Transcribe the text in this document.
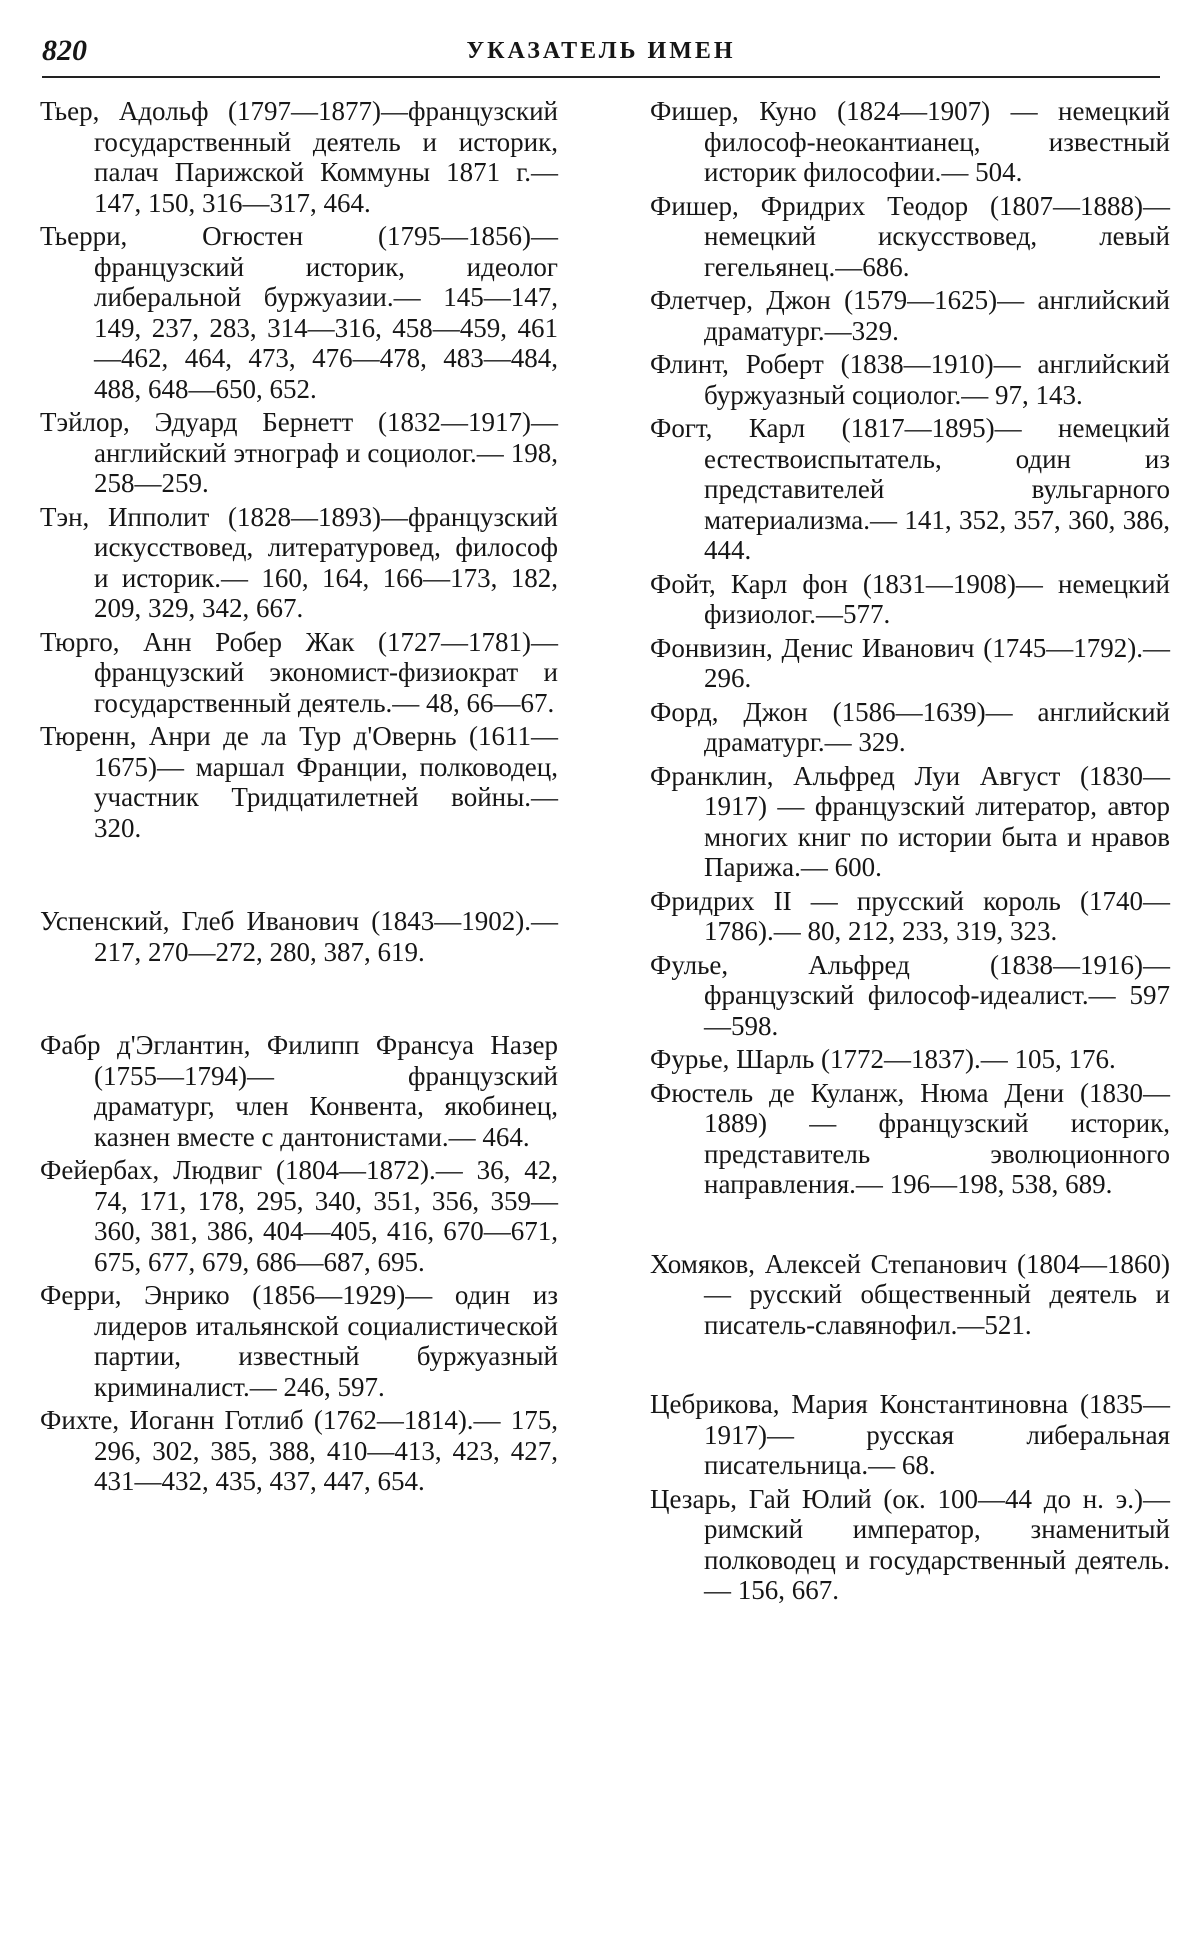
820	УКАЗАТЕЛЬ ИМЕН

Тьер, Адольф (1797—1877)—французский государственный деятель и историк, палач Парижской Коммуны 1871 г.— 147, 150, 316—317, 464.

Тьерри, Огюстен (1795—1856)— французский историк, идеолог либеральной буржуазии.— 145—147, 149, 237, 283, 314—316, 458—459, 461—462, 464, 473, 476—478, 483—484, 488, 648—650, 652.

Тэйлор, Эдуард Бернетт (1832—1917)— английский этнограф и социолог.— 198, 258—259.

Тэн, Ипполит (1828—1893)—французский искусствовед, литературовед, философ и историк.— 160, 164, 166—173, 182, 209, 329, 342, 667.

Тюрго, Анн Робер Жак (1727—1781)— французский экономист-физиократ и государственный деятель.— 48, 66—67.

Тюренн, Анри де ла Тур д'Овернь (1611—1675)— маршал Франции, полководец, участник Тридцатилетней войны.— 320.

Успенский, Глеб Иванович (1843—1902).— 217, 270—272, 280, 387, 619.

Фабр д'Эглантин, Филипп Франсуа Назер (1755—1794)— французский драматург, член Конвента, якобинец, казнен вместе с дантонистами.— 464.

Фейербах, Людвиг (1804—1872).— 36, 42, 74, 171, 178, 295, 340, 351, 356, 359—360, 381, 386, 404—405, 416, 670—671, 675, 677, 679, 686—687, 695.

Ферри, Энрико (1856—1929)— один из лидеров итальянской социалистической партии, известный буржуазный криминалист.— 246, 597.

Фихте, Иоганн Готлиб (1762—1814).— 175, 296, 302, 385, 388, 410—413, 423, 427, 431—432, 435, 437, 447, 654.

Фишер, Куно (1824—1907) — немецкий философ-неокантианец, известный историк философии.— 504.

Фишер, Фридрих Теодор (1807—1888)— немецкий искусствовед, левый гегельянец.—686.

Флетчер, Джон (1579—1625)— английский драматург.—329.

Флинт, Роберт (1838—1910)— английский буржуазный социолог.— 97, 143.

Фогт, Карл (1817—1895)— немецкий естествоиспытатель, один из представителей вульгарного материализма.— 141, 352, 357, 360, 386, 444.

Фойт, Карл фон (1831—1908)— немецкий физиолог.—577.

Фонвизин, Денис Иванович (1745—1792).— 296.

Форд, Джон (1586—1639)— английский драматург.— 329.

Франклин, Альфред Луи Август (1830—1917) — французский литератор, автор многих книг по истории быта и нравов Парижа.— 600.

Фридрих II — прусский король (1740—1786).— 80, 212, 233, 319, 323.

Фулье, Альфред (1838—1916)— французский философ-идеалист.— 597—598.

Фурье, Шарль (1772—1837).— 105, 176.

Фюстель де Куланж, Нюма Дени (1830—1889) — французский историк, представитель эволюционного направления.— 196—198, 538, 689.

Хомяков, Алексей Степанович (1804—1860)— русский общественный деятель и писатель-славянофил.—521.

Цебрикова, Мария Константиновна (1835—1917)— русская либеральная писательница.— 68.

Цезарь, Гай Юлий (ок. 100—44 до н. э.)— римский император, знаменитый полководец и государственный деятель.— 156, 667.
